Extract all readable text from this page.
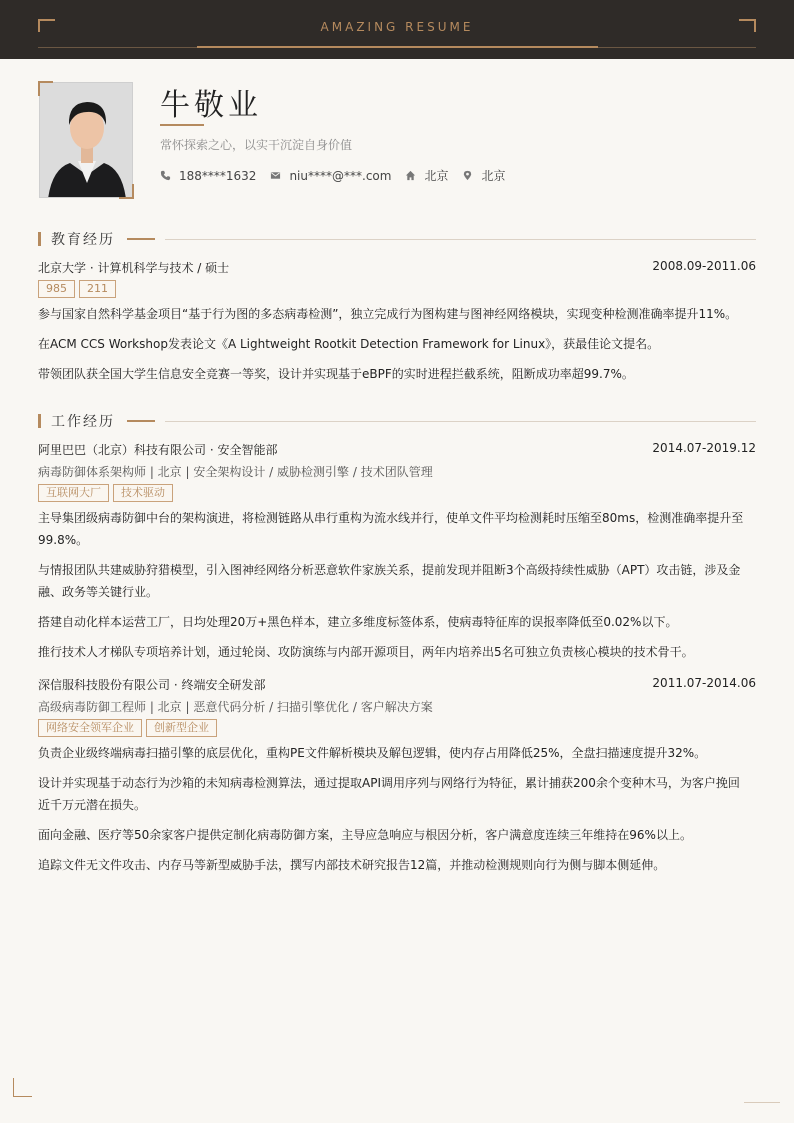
AMAZING RESUME
牛敬业
常怀探索之心，以实干沉淀自身价值
188****1632	niu****@***.com	北京	北京
教育经历
北京大学 · 计算机科学与技术 / 硕士	2008.09-2011.06
985	211
参与国家自然科学基金项目“基于行为图的多态病毒检测”，独立完成行为图构建与图神经网络模块，实现变种检测准确率提升11%。
在ACM CCS Workshop发表论文《A Lightweight Rootkit Detection Framework for Linux》，获最佳论文提名。
带领团队获全国大学生信息安全竞赛一等奖，设计并实现基于eBPF的实时进程拦截系统，阻断成功率超99.7%。
工作经历
阿里巴巴（北京）科技有限公司 · 安全智能部	2014.07-2019.12
病毒防御体系架构师 | 北京 | 安全架构设计 / 威胁检测引擎 / 技术团队管理
互联网大厂	技术驱动
主导集团级病毒防御中台的架构演进，将检测链路从串行重构为流水线并行，使单文件平均检测耗时压缩至80ms，检测准确率提升至99.8%。
与情报团队共建威胁狩猎模型，引入图神经网络分析恶意软件家族关系，提前发现并阻断3个高级持续性威胁（APT）攻击链，涉及金融、政务等关键行业。
搭建自动化样本运营工厂，日均处理20万+黑色样本，建立多维度标签体系，使病毒特征库的误报率降低至0.02%以下。
推行技术人才梯队专项培养计划，通过轮岗、攻防演练与内部开源项目，两年内培养出5名可独立负责核心模块的技术骨干。
深信服科技股份有限公司 · 终端安全研发部	2011.07-2014.06
高级病毒防御工程师 | 北京 | 恶意代码分析 / 扫描引擎优化 / 客户解决方案
网络安全领军企业	创新型企业
负责企业级终端病毒扫描引擎的底层优化，重构PE文件解析模块及解包逻辑，使内存占用降低25%，全盘扫描速度提升32%。
设计并实现基于动态行为沙箱的未知病毒检测算法，通过提取API调用序列与网络行为特征，累计捕获200余个变种木马，为客户挽回近千万元潜在损失。
面向金融、医疗等50余家客户提供定制化病毒防御方案，主导应急响应与根因分析，客户满意度连续三年维持在96%以上。
追踪文件无文件攻击、内存马等新型威胁手法，撰写内部技术研究报告12篇，并推动检测规则向行为侧与脚本侧延伸。
